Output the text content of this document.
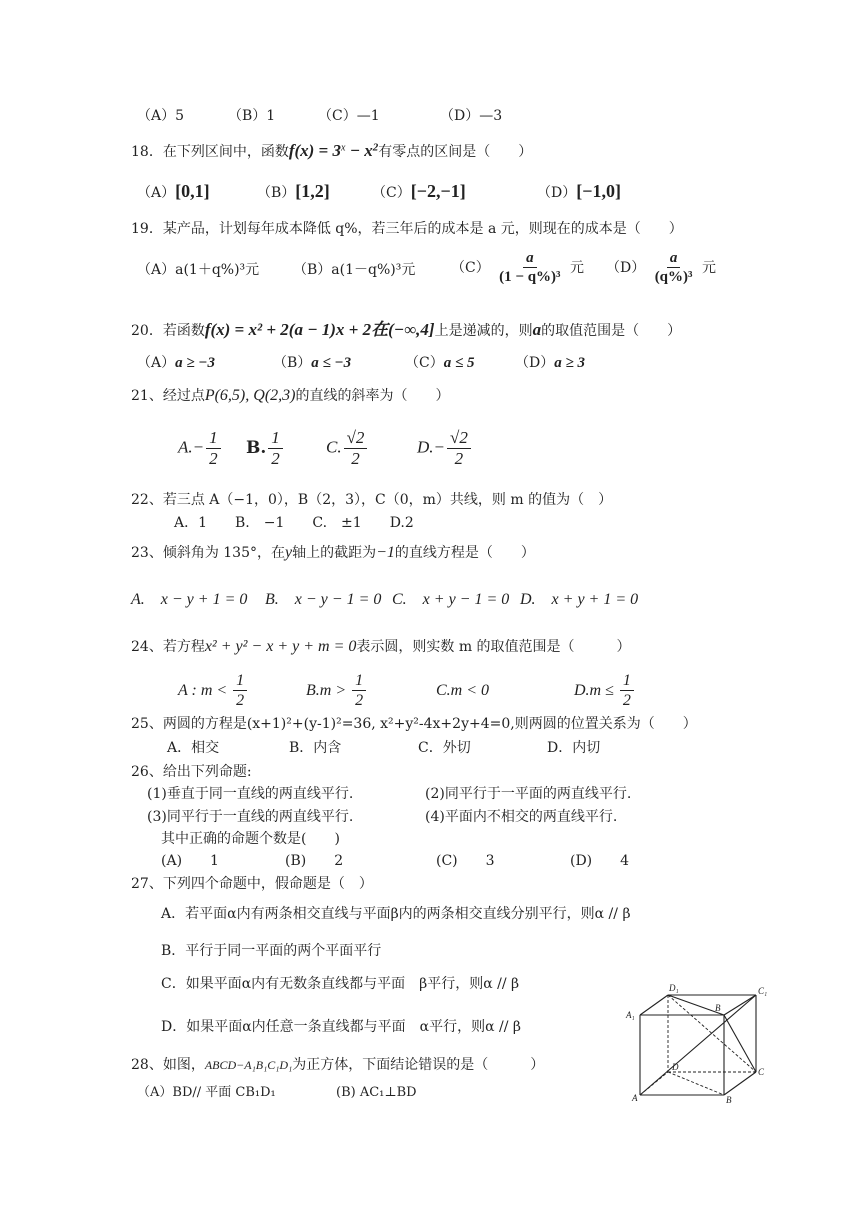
（A）5	（B）1	（C）—1	（D）—3
18．在下列区间中，函数$f(x) = 3^x - x^2$有零点的区间是（　　）
（A）[0,1]	（B）[1,2]	（C）[−2,−1]	（D）[−1,0]
19．某产品，计划每年成本降低 q%，若三年后的成本是 a 元，则现在的成本是（　　）
（A）a(1＋q%)³元 （B）a(1－q%)³元	$(C) \frac{a}{\text{(1 − q\%)³}}$ 元 $(D) \frac{a}{\text{(q\%)³}}$ 元
20．若函数f(x) = x² + 2(a − 1)x + 2在(−∞,4]上是递减的，则a的取值范围是（　　）
（A）a ≥ −3	（B）a ≤ −3	（C）a ≤ 5	（D）a ≥ 3
21、经过点P(6,5), Q(2,3)的直线的斜率为（　　）
$A.- \frac{1}{2} B$. $\frac{1}{2}$	C. $\frac{√2}{2}$	$D.- \frac{√2}{2}$
22、若三点 A（−1，0），B（2，3），C（0，m）共线，则 m 的值为（　）
A．1　　B.　−1　　C.　±1　　D.2
23、倾斜角为 135°，在y轴上的截距为−1的直线方程是（　　）
A.　x − y + 1 = 0 B.　x − y − 1 = 0 C.　x + y − 1 = 0 D.　x + y + 1 = 0
24、若方程x² + y² − x + y + m = 0表示圆，则实数 m 的取值范围是（　　　）
A : $m < \frac{1}{2}$	$B.m > \frac{1}{2}$	C.m < 0	$D.m \le \frac{1}{2}$
25、两圆的方程是(x+1)²+(y-1)²=36, x²+y²-4x+2y+4=0,则两圆的位置关系为（　　）
A．相交	B．内含	C．外切	D．内切
26、给出下列命题:
(1)垂直于同一直线的两直线平行.	(2)同平行于一平面的两直线平行.
(3)同平行于一直线的两直线平行.	(4)平面内不相交的两直线平行.
其中正确的命题个数是(　　)
(A)　　1	(B)　　2	(C)　　3	(D)　　4
27、下列四个命题中，假命题是（　）
A．若平面α内有两条相交直线与平面β内的两条相交直线分别平行，则α // β
B．平行于同一平面的两个平面平行
C．如果平面α内有无数条直线都与平面　β平行，则α // β
D．如果平面α内任意一条直线都与平面　α平行，则α // β
28、如图，ABCD−A₁B₁C₁D₁为正方体，下面结论错误的是（　　　）
（A）BD// 平面 CB₁D₁	(B) AC₁⊥BD
D₁	C₁
A₁
B
D	C
A	B
